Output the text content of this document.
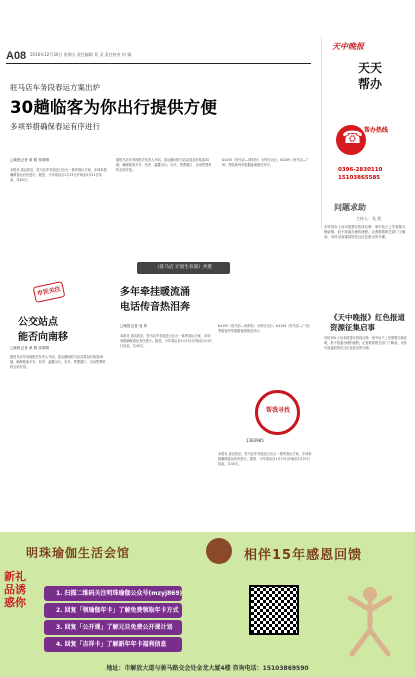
A08 2016年12月30日 星期五 责任编辑 刘 灵 责任校对 何 婧
驻马店车务段春运方案出炉
30趟临客为你出行提供方便
多项举措确保春运有序进行
□晚报记者 黄 鹤 张晴晴
本报讯 春运将至，驻马店车务段近日出台一系列春运方案，多项举措确保春运有序进行。据悉，今年春运自1月13日开始至2月21日结束，共40天。
据驻马店车务段相关负责人介绍，春运期间驻马店站将加开临客30趟，确保旅客平安、有序、温馨出行。另外，售票窗口、自动售票机将全部开放。
K4153（驻马店—深圳东）为每日运行。K4159（驻马店—广州）等临客列车根据客流情况开行。
天中晚报
天天
帮办
☎
帮办热线
0396-2830110
15103865585
问题求助
主持人：张 茜
市民刘女士向本报帮办热线反映：家中孩子上学需要办理证明，但不知道办理的流程。记者联系相关部门了解到，市民可直接到所在社区及派出所办理。
市民关注
公交站点
能否向南移
□晚报记者 黄 鹤 张晴晴
据驻马店车务段相关负责人介绍，春运期间驻马店站将加开临客30趟，确保旅客平安、有序、温馨出行。另外，售票窗口、自动售票机将全部开放。
《驻马店 计划生育部》共建
多年牵挂暖流涌
电话传音热泪奔
□晚报记者 周 婷
本报讯 春运将至，驻马店车务段近日出台一系列春运方案，多项举措确保春运有序进行。据悉，今年春运自1月13日开始至2月21日结束，共40天。
K4153（驻马店—深圳东）为每日运行。K4159（驻马店—广州）等临客列车根据客流情况开行。
本报讯 春运将至，驻马店车务段近日出台一系列春运方案，多项举措确保春运有序进行。据悉，今年春运自1月13日开始至2月21日结束，共40天。
帮我寻找
1383985
《天中晚报》红色报道资源征集启事
市民刘女士向本报帮办热线反映：家中孩子上学需要办理证明，但不知道办理的流程。记者联系相关部门了解到，市民可直接到所在社区及派出所办理。
明珠瑜伽生活会馆	相伴15年感恩回馈
新礼品诱惑你
1. 扫描二维码关注明珠瑜伽公众号(mzyj869)
2. 回复「领瑜伽年卡」了解免费领取年卡方式
3. 回复「公开课」了解元旦免费公开课计划
4. 回复「吉祥卡」了解新年年卡福利信息
地址：市解放大道与骏马路交会处金龙大厦4楼 咨询电话：15103869590
